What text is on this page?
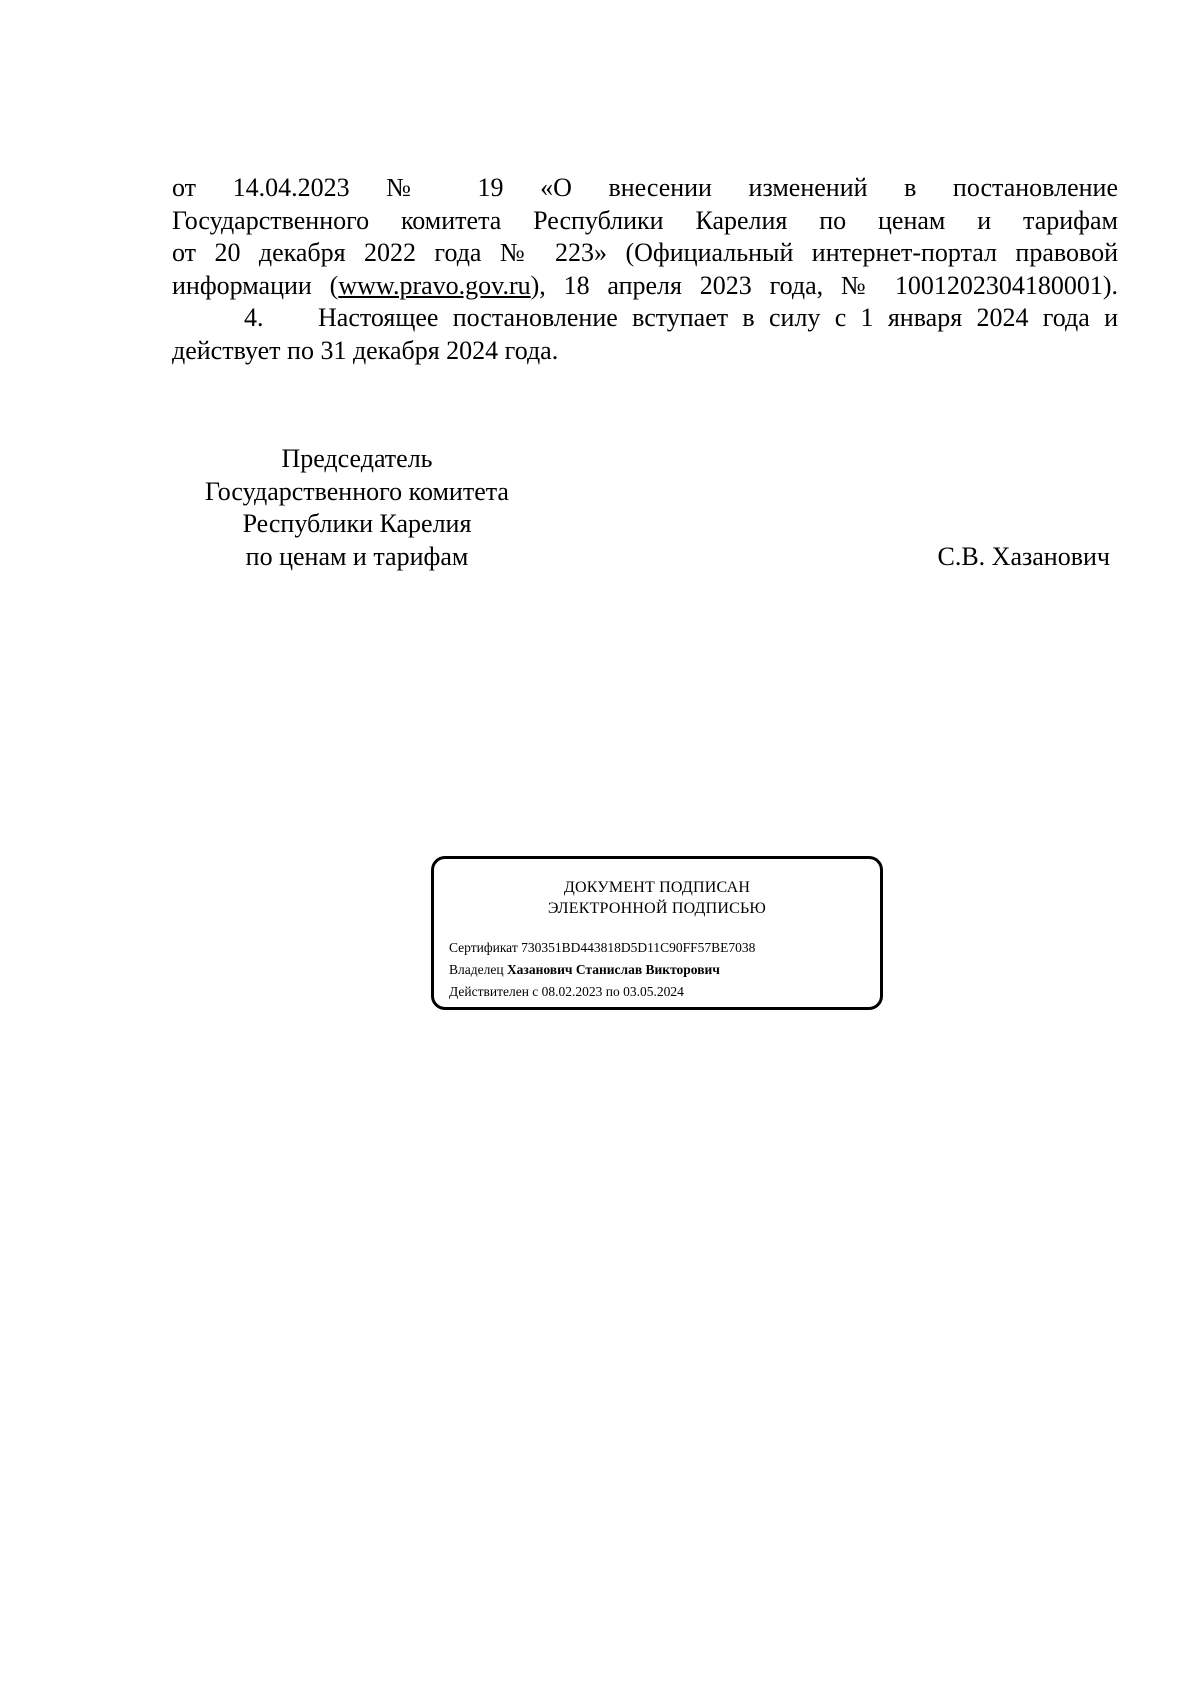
от 14.04.2023 № 19 «О внесении изменений в постановление
Государственного комитета Республики Карелия по ценам и тарифам
от 20 декабря 2022 года № 223» (Официальный интернет-портал правовой
информации (www.pravo.gov.ru), 18 апреля 2023 года, № 1001202304180001).
4. Настоящее постановление вступает в силу с 1 января 2024 года и
действует по 31 декабря 2024 года.
Председатель
Государственного комитета
Республики Карелия
по ценам и тарифам	С.В. Хазанович
ДОКУМЕНТ ПОДПИСАН
ЭЛЕКТРОННОЙ ПОДПИСЬЮ
Сертификат 730351BD443818D5D11C90FF57BE7038
Владелец Хазанович Станислав Викторович
Действителен с 08.02.2023 по 03.05.2024
